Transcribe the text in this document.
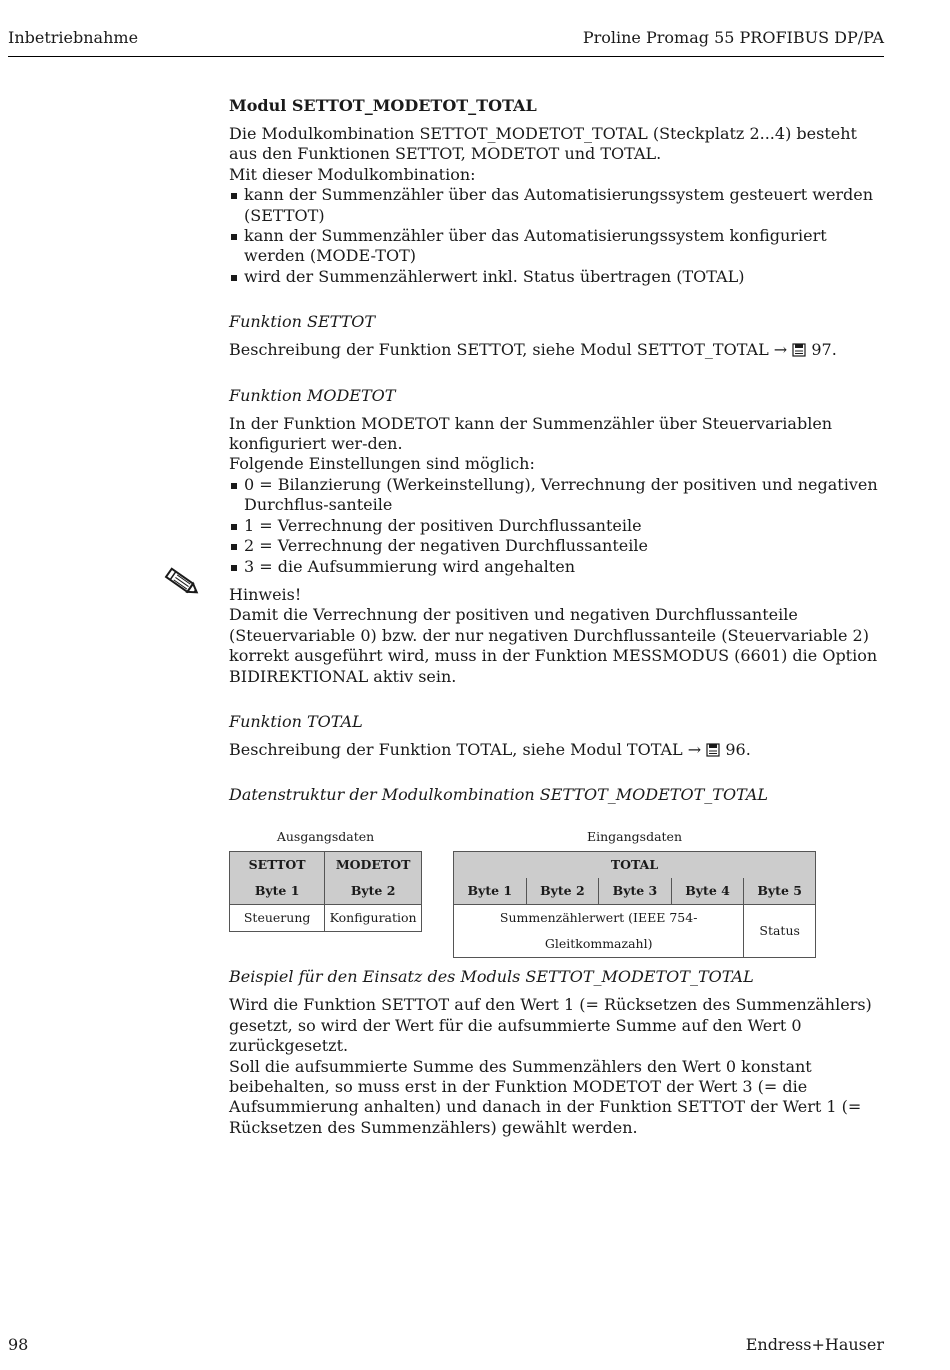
Inbetriebnahme	Proline Promag 55 PROFIBUS DP/PA
Modul SETTOT_MODETOT_TOTAL

Die Modulkombination SETTOT_MODETOT_TOTAL (Steckplatz 2...4) besteht aus den Funktionen SETTOT, MODETOT und TOTAL.

Mit dieser Modulkombination:

kann der Summenzähler über das Automatisierungssystem gesteuert werden (SETTOT)
kann der Summenzähler über das Automatisierungssystem konfiguriert werden (MODE-TOT)
wird der Summenzählerwert inkl. Status übertragen (TOTAL)
Funktion SETTOT

Beschreibung der Funktion SETTOT, siehe Modul SETTOT_TOTAL → 97.

Funktion MODETOT

In der Funktion MODETOT kann der Summenzähler über Steuervariablen konfiguriert wer-den.

Folgende Einstellungen sind möglich:

0 = Bilanzierung (Werkeinstellung), Verrechnung der positiven und negativen Durchflus-santeile
1 = Verrechnung der positiven Durchflussanteile
2 = Verrechnung der negativen Durchflussanteile
3 = die Aufsummierung wird angehalten

Hinweis!

Damit die Verrechnung der positiven und negativen Durchflussanteile (Steuervariable 0) bzw. der nur negativen Durchflussanteile (Steuervariable 2) korrekt ausgeführt wird, muss in der Funktion MESSMODUS (6601) die Option BIDIREKTIONAL aktiv sein.

Funktion TOTAL

Beschreibung der Funktion TOTAL, siehe Modul TOTAL → 96.

Datenstruktur der Modulkombination SETTOT_MODETOT_TOTAL
Ausgangsdaten	Eingangsdaten
SETTOT	MODETOT
Byte 1	Byte 2
Steuerung	Konfiguration
TOTAL				
Byte 1	Byte 2	Byte 3	Byte 4	Byte 5
Summenzählerwert (IEEE 754-Gleitkommazahl)				Status
Beispiel für den Einsatz des Moduls SETTOT_MODETOT_TOTAL

Wird die Funktion SETTOT auf den Wert 1 (= Rücksetzen des Summenzählers) gesetzt, so wird der Wert für die aufsummierte Summe auf den Wert 0 zurückgesetzt.

Soll die aufsummierte Summe des Summenzählers den Wert 0 konstant beibehalten, so muss erst in der Funktion MODETOT der Wert 3 (= die Aufsummierung anhalten) und danach in der Funktion SETTOT der Wert 1 (= Rücksetzen des Summenzählers) gewählt werden.

98	Endress+Hauser
